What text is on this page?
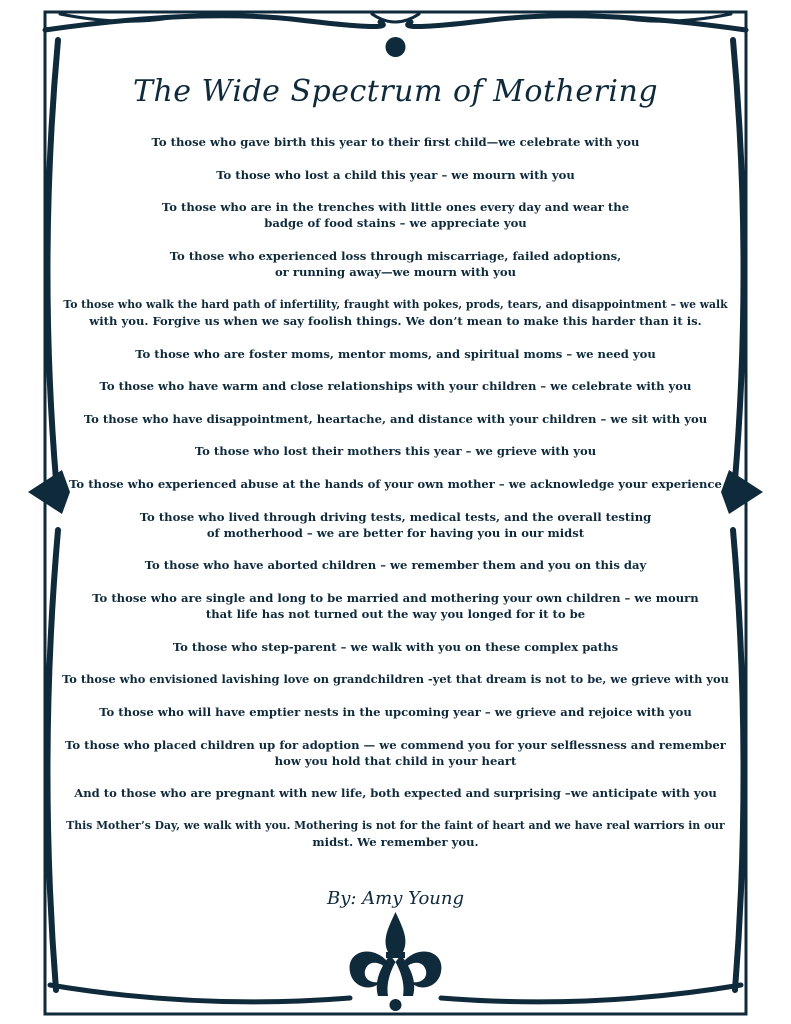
The Wide Spectrum of Mothering
To those who gave birth this year to their first child—we celebrate with you
To those who lost a child this year – we mourn with you
To those who are in the trenches with little ones every day and wear the
badge of food stains – we appreciate you
To those who experienced loss through miscarriage, failed adoptions,
or running away—we mourn with you
To those who walk the hard path of infertility, fraught with pokes, prods, tears, and disappointment – we walk
with you. Forgive us when we say foolish things. We don’t mean to make this harder than it is.
To those who are foster moms, mentor moms, and spiritual moms – we need you
To those who have warm and close relationships with your children – we celebrate with you
To those who have disappointment, heartache, and distance with your children – we sit with you
To those who lost their mothers this year – we grieve with you
To those who experienced abuse at the hands of your own mother – we acknowledge your experience
To those who lived through driving tests, medical tests, and the overall testing
of motherhood – we are better for having you in our midst
To those who have aborted children – we remember them and you on this day
To those who are single and long to be married and mothering your own children – we mourn
that life has not turned out the way you longed for it to be
To those who step-parent – we walk with you on these complex paths
To those who envisioned lavishing love on grandchildren -yet that dream is not to be, we grieve with you
To those who will have emptier nests in the upcoming year – we grieve and rejoice with you
To those who placed children up for adoption — we commend you for your selflessness and remember
how you hold that child in your heart
And to those who are pregnant with new life, both expected and surprising –we anticipate with you
This Mother’s Day, we walk with you. Mothering is not for the faint of heart and we have real warriors in our
midst. We remember you.
By: Amy Young
